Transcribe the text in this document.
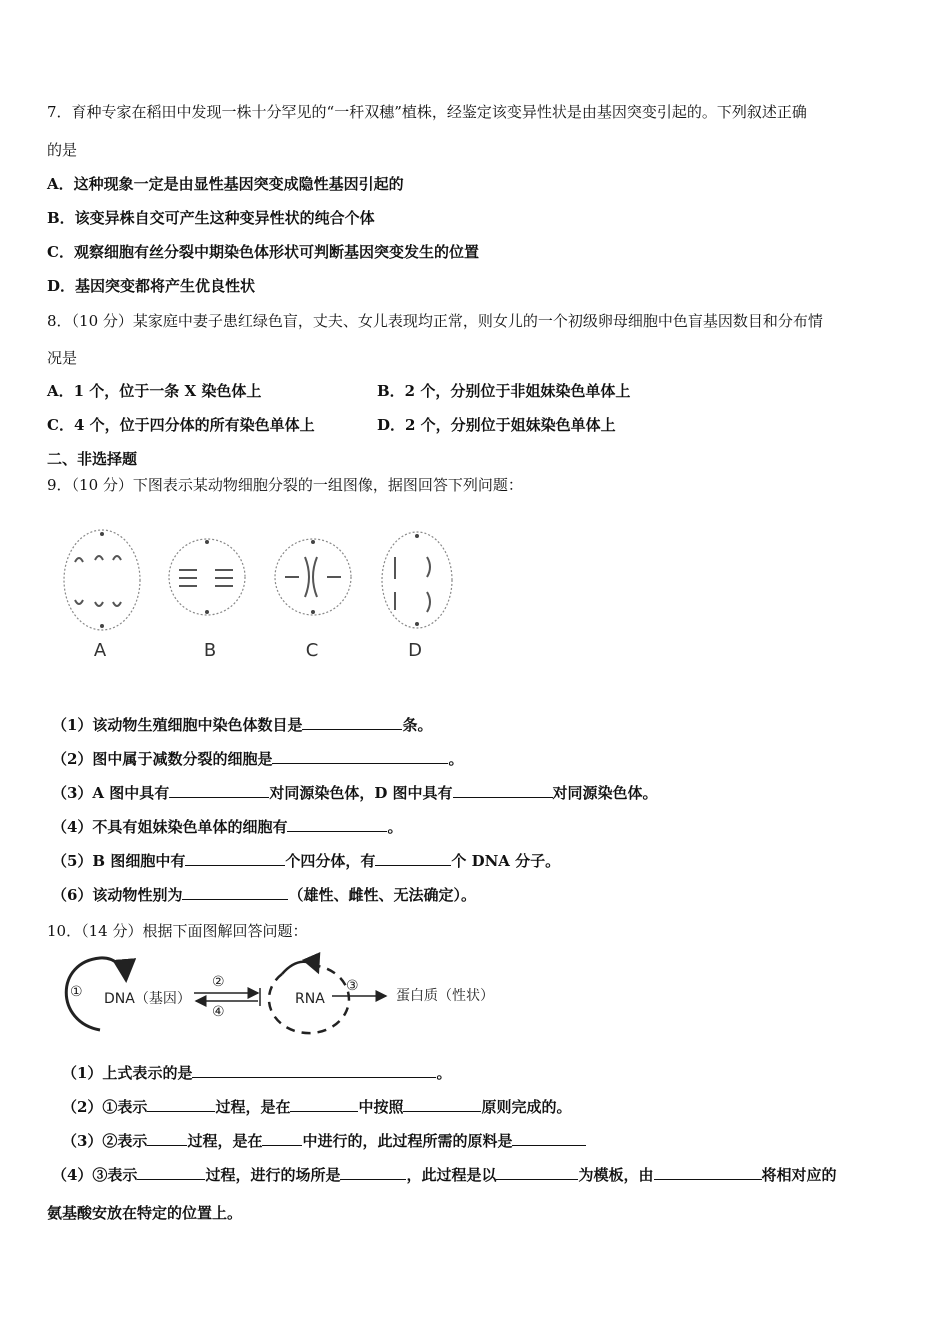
7．育种专家在稻田中发现一株十分罕见的“一秆双穗”植株，经鉴定该变异性状是由基因突变引起的。下列叙述正确
的是
A．这种现象一定是由显性基因突变成隐性基因引起的
B．该变异株自交可产生这种变异性状的纯合个体
C．观察细胞有丝分裂中期染色体形状可判断基因突变发生的位置
D．基因突变都将产生优良性状
8．（10 分）某家庭中妻子患红绿色盲，丈夫、女儿表现均正常，则女儿的一个初级卵母细胞中色盲基因数目和分布情
况是
A．1 个，位于一条 X 染色体上	B．2 个，分别位于非姐妹染色单体上
C．4 个，位于四分体的所有染色单体上	D．2 个，分别位于姐妹染色单体上
二、非选择题
9．（10 分）下图表示某动物细胞分裂的一组图像，据图回答下列问题：
A	B	C	D
（1）该动物生殖细胞中染色体数目是	条。
（2）图中属于减数分裂的细胞是	。
（3）A 图中具有	对同源染色体，D 图中具有	对同源染色体。
（4）不具有姐妹染色单体的细胞有	。
（5）B 图细胞中有	个四分体，有	个 DNA 分子。
（6）该动物性别为	（雄性、雌性、无法确定）。
10．（14 分）根据下面图解回答问题：
① DNA（基因）
②
④
RNA
③
蛋白质（性状）
（1）上式表示的是	。
（2）①表示	过程，是在	中按照	原则完成的。
（3）②表示	过程，是在	中进行的，此过程所需的原料是
（4）③表示	过程，进行的场所是	，此过程是以	为模板，由	将相对应的
氨基酸安放在特定的位置上。
